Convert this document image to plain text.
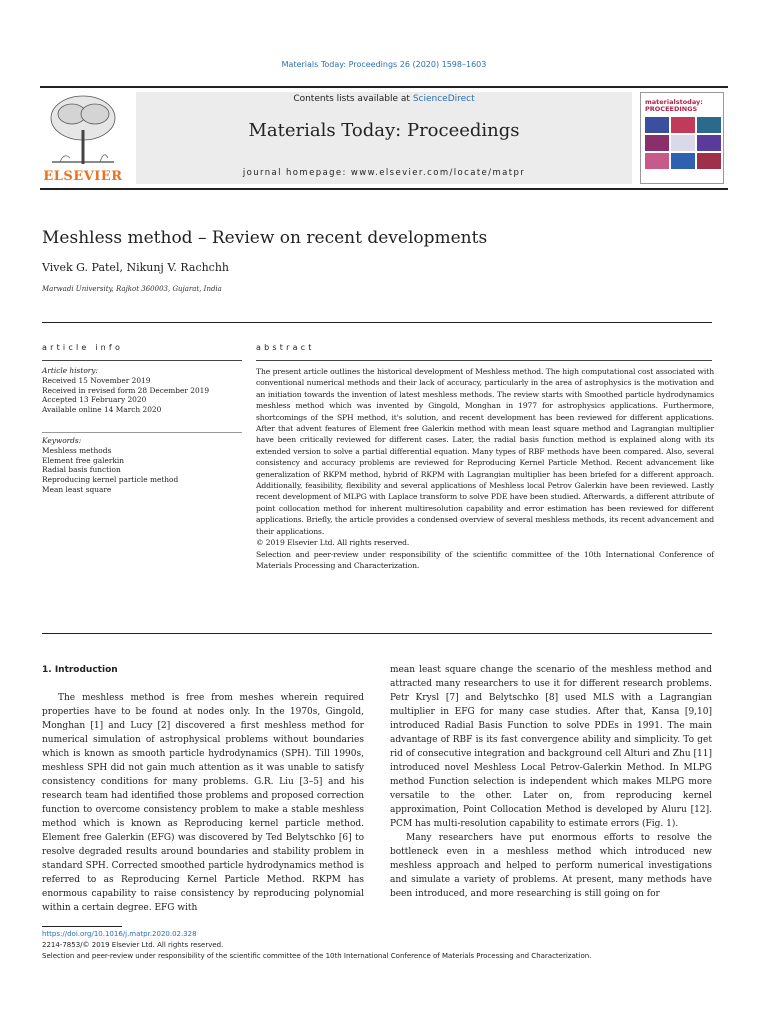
Materials Today: Proceedings 26 (2020) 1598–1603
ELSEVIER
Contents lists available at ScienceDirect
Materials Today: Proceedings
journal homepage: www.elsevier.com/locate/matpr
materialstoday:
PROCEEDINGS
Meshless method – Review on recent developments
Vivek G. Patel, Nikunj V. Rachchh
Marwadi University, Rajkot 360003, Gujarat, India
article info	abstract
Article history:
Received 15 November 2019
Received in revised form 28 December 2019
Accepted 13 February 2020
Available online 14 March 2020
Keywords:
Meshless methods
Element free galerkin
Radial basis function
Reproducing kernel particle method
Mean least square
The present article outlines the historical development of Meshless method. The high computational cost associated with conventional numerical methods and their lack of accuracy, particularly in the area of astrophysics is the motivation and an initiation towards the invention of latest meshless methods. The review starts with Smoothed particle hydrodynamics meshless method which was invented by Gingold, Monghan in 1977 for astrophysics applications. Furthermore, shortcomings of the SPH method, it's solution, and recent development has been reviewed for different applications. After that advent features of Element free Galerkin method with mean least square method and Lagrangian multiplier have been critically reviewed for different cases. Later, the radial basis function method is explained along with its extended version to solve a partial differential equation. Many types of RBF methods have been compared. Also, several consistency and accuracy problems are reviewed for Reproducing Kernel Particle Method. Recent advancement like generalization of RKPM method, hybrid of RKPM with Lagrangian multiplier has been briefed for a different approach. Additionally, feasibility, flexibility and several applications of Meshless local Petrov Galerkin have been reviewed. Lastly recent development of MLPG with Laplace transform to solve PDE have been studied. Afterwards, a different attribute of point collocation method for inherent multiresolution capability and error estimation has been reviewed for different applications. Briefly, the article provides a condensed overview of several meshless methods, its recent advancement and their applications.
© 2019 Elsevier Ltd. All rights reserved.
Selection and peer-review under responsibility of the scientific committee of the 10th International Conference of Materials Processing and Characterization.
1. Introduction
The meshless method is free from meshes wherein required properties have to be found at nodes only. In the 1970s, Gingold, Monghan [1] and Lucy [2] discovered a first meshless method for numerical simulation of astrophysical problems without boundaries which is known as smooth particle hydrodynamics (SPH). Till 1990s, meshless SPH did not gain much attention as it was unable to satisfy consistency conditions for many problems. G.R. Liu [3–5] and his research team had identified those problems and proposed correction function to overcome consistency problem to make a stable meshless method which is known as Reproducing kernel particle method. Element free Galerkin (EFG) was discovered by Ted Belytschko [6] to resolve degraded results around boundaries and stability problem in standard SPH. Corrected smoothed particle hydrodynamics method is referred to as Reproducing Kernel Particle Method. RKPM has enormous capability to raise consistency by reproducing polynomial within a certain degree. EFG with
mean least square change the scenario of the meshless method and attracted many researchers to use it for different research problems. Petr Krysl [7] and Belytschko [8] used MLS with a Lagrangian multiplier in EFG for many case studies. After that, Kansa [9,10] introduced Radial Basis Function to solve PDEs in 1991. The main advantage of RBF is its fast convergence ability and simplicity. To get rid of consecutive integration and background cell Alturi and Zhu [11] introduced novel Meshless Local Petrov-Galerkin Method. In MLPG method Function selection is independent which makes MLPG more versatile to the other. Later on, from reproducing kernel approximation, Point Collocation Method is developed by Aluru [12]. PCM has multi-resolution capability to estimate errors (Fig. 1).
Many researchers have put enormous efforts to resolve the bottleneck even in a meshless method which introduced new meshless approach and helped to perform numerical investigations and simulate a variety of problems. At present, many methods have been introduced, and more researching is still going on for
https://doi.org/10.1016/j.matpr.2020.02.328
2214-7853/© 2019 Elsevier Ltd. All rights reserved.
Selection and peer-review under responsibility of the scientific committee of the 10th International Conference of Materials Processing and Characterization.
